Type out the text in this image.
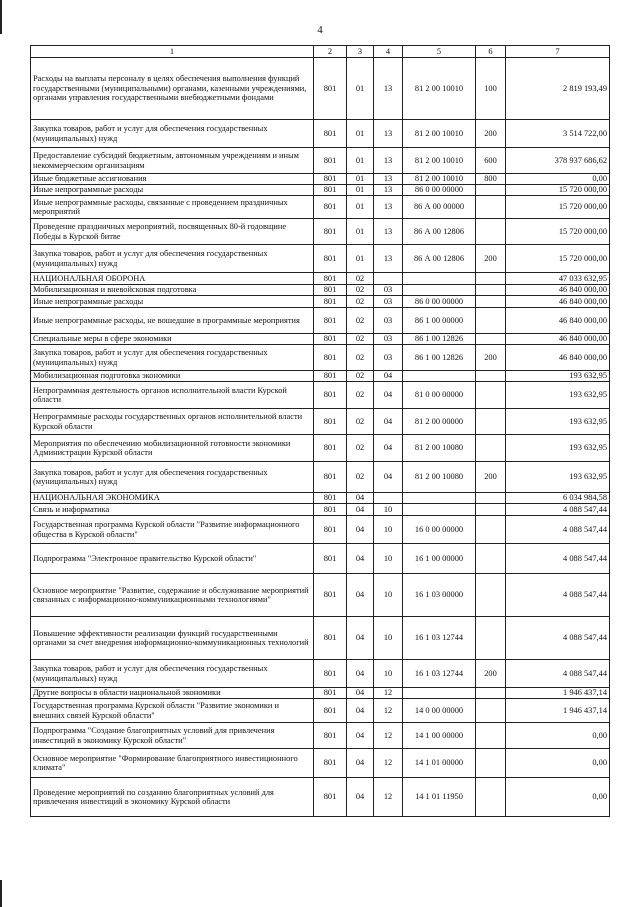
4
1	2	3	4	5	6	7
Расходы на выплаты персоналу в целях обеспечения выполнения функций государственными (муниципальными) органами, казенными учреждениями, органами управления государственными внебюджетными фондами	801	01	13	81 2 00 10010	100	2 819 193,49
Закупка товаров, работ и услуг для обеспечения государственных (муниципальных) нужд	801	01	13	81 2 00 10010	200	3 514 722,00
Предоставление субсидий бюджетным, автономным учреждениям и иным некоммерческим организациям	801	01	13	81 2 00 10010	600	378 937 686,62
Иные бюджетные ассигнования	801	01	13	81 2 00 10010	800	0,00
Иные непрограммные расходы	801	01	13	86 0 00 00000		15 720 000,00
Иные непрограммные расходы, связанные с проведением праздничных мероприятий	801	01	13	86 А 00 00000		15 720 000,00
Проведение праздничных мероприятий, посвященных 80-й годовщине Победы в Курской битве	801	01	13	86 А 00 12806		15 720 000,00
Закупка товаров, работ и услуг для обеспечения государственных (муниципальных) нужд	801	01	13	86 А 00 12806	200	15 720 000,00
НАЦИОНАЛЬНАЯ ОБОРОНА	801	02				47 033 632,95
Мобилизационная и вневойсковая подготовка	801	02	03			46 840 000,00
Иные непрограммные расходы	801	02	03	86 0 00 00000		46 840 000,00
Иные непрограммные расходы, не вошедшие в программные мероприятия	801	02	03	86 1 00 00000		46 840 000,00
Специальные меры в сфере экономики	801	02	03	86 1 00 12826		46 840 000,00
Закупка товаров, работ и услуг для обеспечения государственных (муниципальных) нужд	801	02	03	86 1 00 12826	200	46 840 000,00
Мобилизационная подготовка экономики	801	02	04			193 632,95
Непрограммная деятельность органов исполнительной власти Курской области	801	02	04	81 0 00 00000		193 632,95
Непрограммные расходы государственных органов исполнительной власти Курской области	801	02	04	81 2 00 00000		193 632,95
Мероприятия по обеспечению мобилизационной готовности экономики Администрации Курской области	801	02	04	81 2 00 10080		193 632,95
Закупка товаров, работ и услуг для обеспечения государственных (муниципальных) нужд	801	02	04	81 2 00 10080	200	193 632,95
НАЦИОНАЛЬНАЯ ЭКОНОМИКА	801	04				6 034 984,58
Связь и информатика	801	04	10			4 088 547,44
Государственная программа Курской области "Развитие информационного общества в Курской области"	801	04	10	16 0 00 00000		4 088 547,44
Подпрограмма "Электронное правительство Курской области"	801	04	10	16 1 00 00000		4 088 547,44
Основное мероприятие "Развитие, содержание и обслуживание мероприятий связанных с информационно-коммуникационными технологиями"	801	04	10	16 1 03 00000		4 088 547,44
Повышение эффективности реализации функций государственными органами за счет внедрения информационно-коммуникационных технологий	801	04	10	16 1 03 12744		4 088 547,44
Закупка товаров, работ и услуг для обеспечения государственных (муниципальных) нужд	801	04	10	16 1 03 12744	200	4 088 547,44
Другие вопросы в области национальной экономики	801	04	12			1 946 437,14
Государственная программа Курской области "Развитие экономики и внешних связей Курской области"	801	04	12	14 0 00 00000		1 946 437,14
Подпрограмма "Создание благоприятных условий для привлечения инвестиций в экономику Курской области"	801	04	12	14 1 00 00000		0,00
Основное мероприятие "Формирование благоприятного инвестиционного климата"	801	04	12	14 1 01 00000		0,00
Проведение мероприятий по созданию благоприятных условий для привлечения инвестиций в экономику Курской области	801	04	12	14 1 01 11950		0,00
